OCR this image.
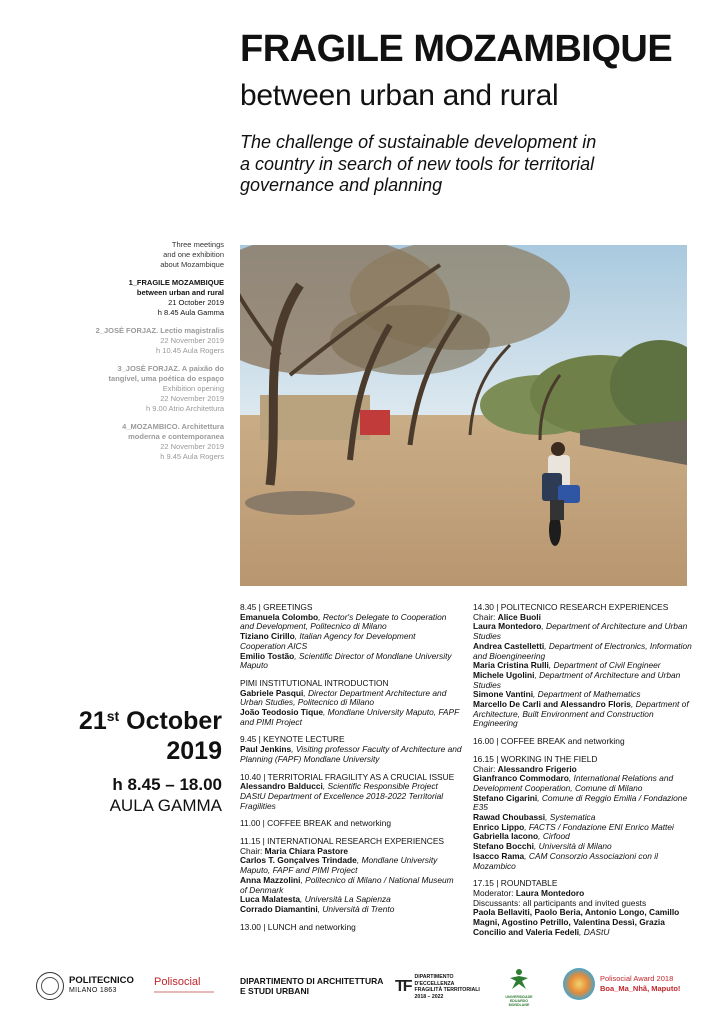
FRAGILE MOZAMBIQUE
between urban and rural
The challenge of sustainable development in
a country in search of new tools for territorial
governance and planning
Three meetings
and one exhibition
about Mozambique
1_FRAGILE MOZAMBIQUE
between urban and rural
21 October 2019
h 8.45 Aula Gamma
2_JOSÈ FORJAZ. Lectio magistralis
22 November 2019
h 10.45 Aula Rogers
3_JOSÈ FORJAZ. A paixão do
tangível, uma poética do espaço
Exhibition opening
22 November 2019
h 9.00 Atrio Architettura
4_MOZAMBICO. Architettura
moderna e contemporanea
22 November 2019
h 9.45 Aula Rogers
21st October
2019
h 8.45 – 18.00
AULA GAMMA
8.45 | GREETINGS
Emanuela Colombo, Rector's Delegate to Cooperation and Development, Politecnico di Milano
Tiziano Cirillo, Italian Agency for Development Cooperation AICS
Emilio Tostão, Scientific Director of Mondlane University Maputo
PIMI INSTITUTIONAL INTRODUCTION
Gabriele Pasqui, Director Department Architecture and Urban Studies, Politecnico di Milano
João Teodosio Tique, Mondlane University Maputo, FAPF and PIMI Project
9.45 | KEYNOTE LECTURE
Paul Jenkins, Visiting professor Faculty of Architecture and Planning (FAPF) Mondlane University
10.40 | TERRITORIAL FRAGILITY AS A CRUCIAL ISSUE
Alessandro Balducci, Scientific Responsible Project DAStU Department of Excellence 2018-2022 Territorial Fragilities
11.00 | COFFEE BREAK and networking
11.15 | INTERNATIONAL RESEARCH EXPERIENCES
Chair: Maria Chiara Pastore
Carlos T. Gonçalves Trindade, Mondlane University Maputo, FAPF and PIMI Project
Anna Mazzolini, Politecnico di Milano / National Museum of Denmark
Luca Malatesta, Università La Sapienza
Corrado Diamantini, Università di Trento
13.00 | LUNCH and networking
14.30 | POLITECNICO RESEARCH EXPERIENCES
Chair: Alice Buoli
Laura Montedoro, Department of Architecture and Urban Studies
Andrea Castelletti, Department of Electronics, Information and Bioengineering
Maria Cristina Rulli, Department of Civil Engineer
Michele Ugolini, Department of Architecture and Urban Studies
Simone Vantini, Department of Mathematics
Marcello De Carli and Alessandro Floris, Department of Architecture, Built Environment and Construction Engineering
16.00 | COFFEE BREAK and networking
16.15 | WORKING IN THE FIELD
Chair: Alessandro Frigerio
Gianfranco Commodaro, International Relations and Development Cooperation, Comune di Milano
Stefano Cigarini, Comune di Reggio Emilia / Fondazione E35
Rawad Choubassi, Systematica
Enrico Lippo, FACTS / Fondazione ENI Enrico Mattei
Gabriella Iacono, Cirfood
Stefano Bocchi, Università di Milano
Isacco Rama, CAM Consorzio Associazioni con il Mozambico
17.15 | ROUNDTABLE
Moderator: Laura Montedoro
Discussants: all participants and invited guests
Paola Bellaviti, Paolo Beria, Antonio Longo, Camillo Magni, Agostino Petrillo, Valentina Dessì, Grazia Concilio and Valeria Fedeli, DAStU
POLITECNICO
MILANO 1863
Polisocial	DIPARTIMENTO DI ARCHITETTURA
E STUDI URBANI	TF
DIPARTIMENTO
D'ECCELLENZA
FRAGILITÀ TERRITORIALI
2018 – 2022	UNIVERSIDADE
EDUARDO
MONDLANE
Polisocial Award 2018
Boa_Ma_Nhã, Maputo!
